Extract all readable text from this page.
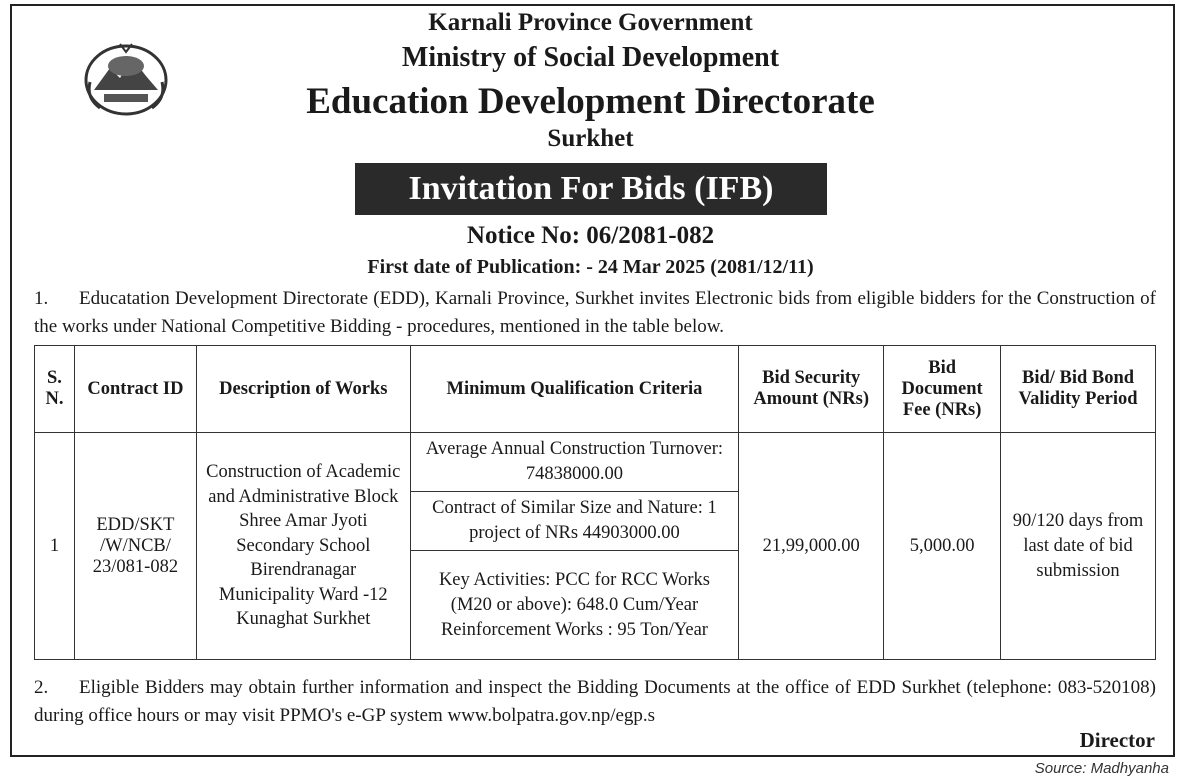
Karnali Province Government
Ministry of Social Development
Education Development Directorate
Surkhet
Invitation For Bids (IFB)
Notice No: 06/2081-082
First date of Publication: - 24 Mar 2025 (2081/12/11)
1. Educatation Development Directorate (EDD), Karnali Province, Surkhet invites Electronic bids from eligible bidders for the Construction of the works under National Competitive Bidding - procedures, mentioned in the table below.
S. N.	Contract ID	Description of Works	Minimum Qualification Criteria	Bid Security Amount (NRs)	Bid Document Fee (NRs)	Bid/ Bid Bond Validity Period
1	EDD/SKT /W/NCB/ 23/081-082	Construction of Academic and Administrative Block Shree Amar Jyoti Secondary School Birendranagar Municipality Ward -12 Kunaghat Surkhet	Average Annual Construction Turnover: 74838000.00	21,99,000.00	5,000.00	90/120 days from last date of bid submission
			Contract of Similar Size and Nature: 1 project of NRs 44903000.00			
			Key Activities: PCC for RCC Works (M20 or above): 648.0 Cum/Year Reinforcement Works : 95 Ton/Year			
2. Eligible Bidders may obtain further information and inspect the Bidding Documents at the office of EDD Surkhet (telephone: 083-520108) during office hours or may visit PPMO's e-GP system www.bolpatra.gov.np/egp.s
Director
Source: Madhyanha
